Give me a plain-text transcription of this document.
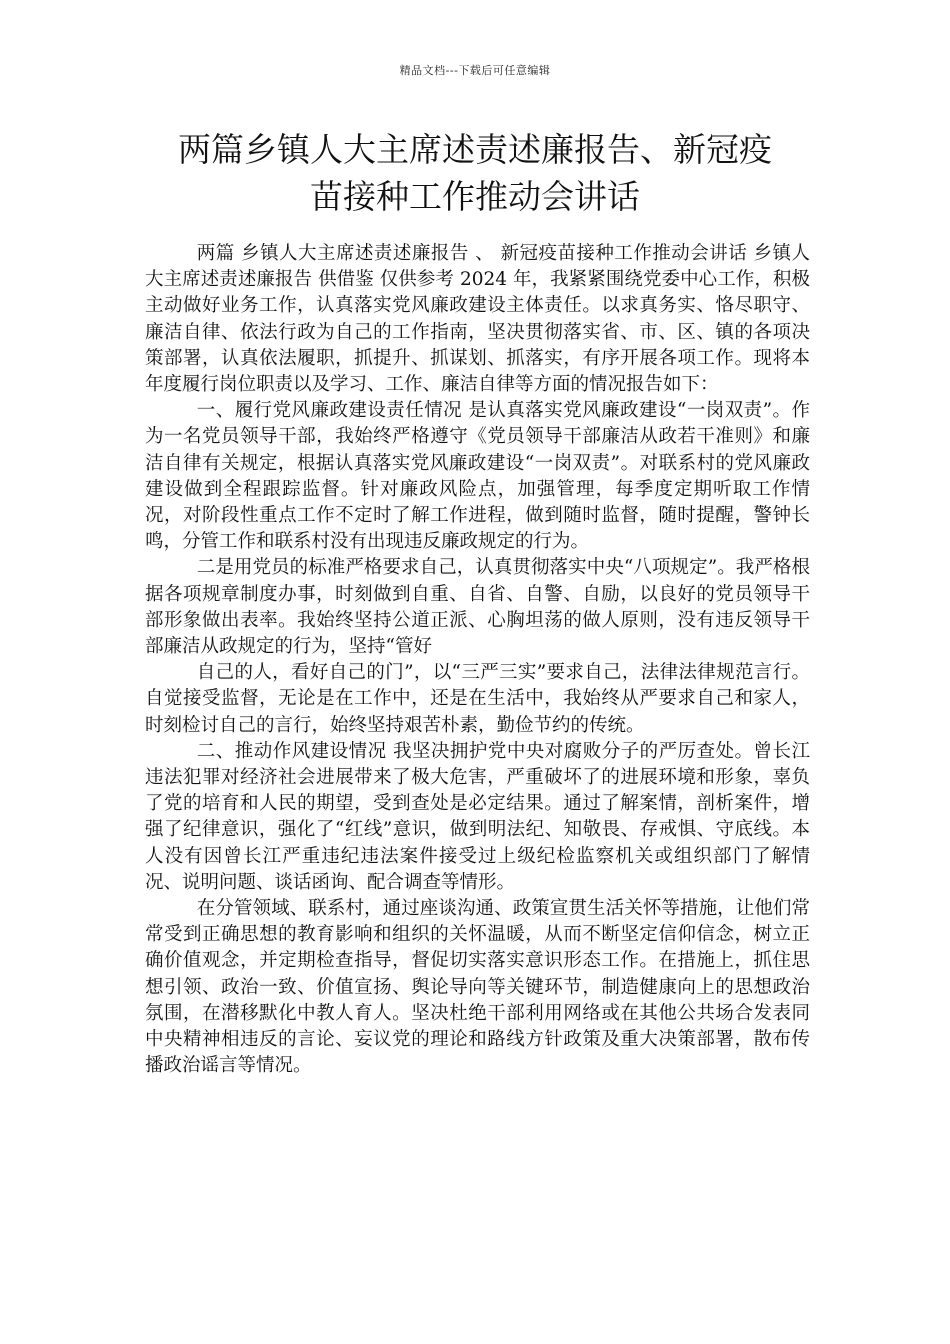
精品文档---下载后可任意编辑
两篇乡镇人大主席述责述廉报告、新冠疫
苗接种工作推动会讲话

两篇 乡镇人大主席述责述廉报告 、 新冠疫苗接种工作推动会讲话 乡镇人大主席述责述廉报告 供借鉴 仅供参考 2024 年，我紧紧围绕党委中心工作，积极主动做好业务工作，认真落实党风廉政建设主体责任。以求真务实、恪尽职守、廉洁自律、依法行政为自己的工作指南，坚决贯彻落实省、市、区、镇的各项决策部署，认真依法履职，抓提升、抓谋划、抓落实，有序开展各项工作。现将本年度履行岗位职责以及学习、工作、廉洁自律等方面的情况报告如下：

一、履行党风廉政建设责任情况 是认真落实党风廉政建设“一岗双责”。作为一名党员领导干部，我始终严格遵守《党员领导干部廉洁从政若干准则》和廉洁自律有关规定，根据认真落实党风廉政建设“一岗双责”。对联系村的党风廉政建设做到全程跟踪监督。针对廉政风险点，加强管理，每季度定期听取工作情况，对阶段性重点工作不定时了解工作进程，做到随时监督，随时提醒，警钟长鸣，分管工作和联系村没有出现违反廉政规定的行为。

二是用党员的标准严格要求自己，认真贯彻落实中央“八项规定”。我严格根据各项规章制度办事，时刻做到自重、自省、自警、自励，以良好的党员领导干部形象做出表率。我始终坚持公道正派、心胸坦荡的做人原则，没有违反领导干部廉洁从政规定的行为，坚持“管好

自己的人，看好自己的门”，以“三严三实”要求自己，法律法律规范言行。自觉接受监督，无论是在工作中，还是在生活中，我始终从严要求自己和家人，时刻检讨自己的言行，始终坚持艰苦朴素，勤俭节约的传统。

二、推动作风建设情况 我坚决拥护党中央对腐败分子的严厉查处。曾长江违法犯罪对经济社会进展带来了极大危害，严重破坏了的进展环境和形象，辜负了党的培育和人民的期望，受到查处是必定结果。通过了解案情，剖析案件，增强了纪律意识，强化了“红线”意识，做到明法纪、知敬畏、存戒惧、守底线。本人没有因曾长江严重违纪违法案件接受过上级纪检监察机关或组织部门了解情况、说明问题、谈话函询、配合调查等情形。

在分管领域、联系村，通过座谈沟通、政策宣贯生活关怀等措施，让他们常常受到正确思想的教育影响和组织的关怀温暖，从而不断坚定信仰信念，树立正确价值观念，并定期检查指导，督促切实落实意识形态工作。在措施上，抓住思想引领、政治一致、价值宣扬、舆论导向等关键环节，制造健康向上的思想政治氛围，在潜移默化中教人育人。坚决杜绝干部利用网络或在其他公共场合发表同中央精神相违反的言论、妄议党的理论和路线方针政策及重大决策部署，散布传播政治谣言等情况。
